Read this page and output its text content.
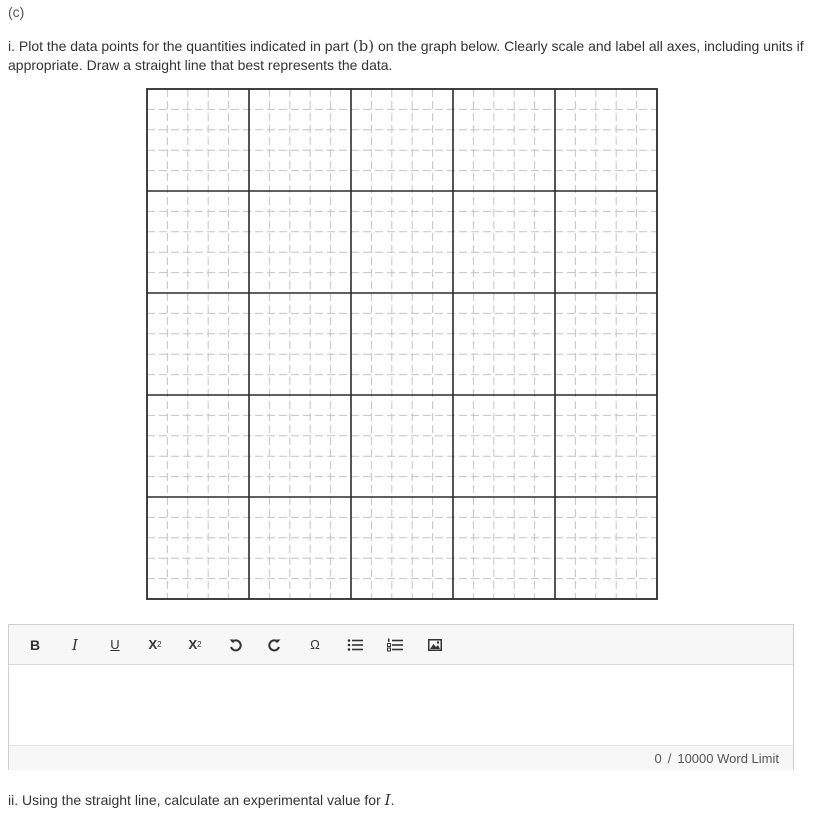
(c)
i. Plot the data points for the quantities indicated in part (b) on the graph below. Clearly scale and label all axes, including units if appropriate. Draw a straight line that best represents the data.
B	I	U	X 2 X 2	Ω
0 / 10000 Word Limit
ii. Using the straight line, calculate an experimental value for I.
